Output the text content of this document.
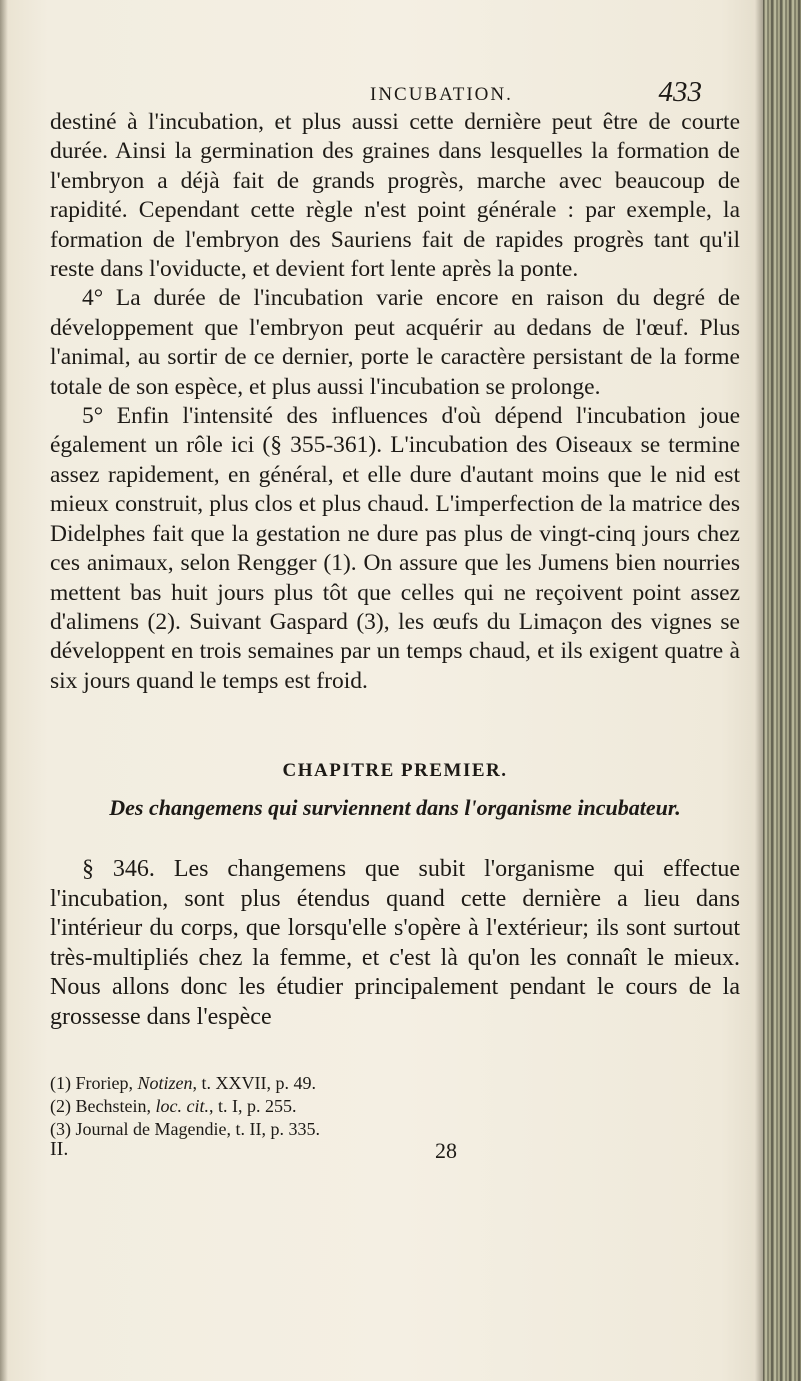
INCUBATION.	433

destiné à l'incubation, et plus aussi cette dernière peut être de courte durée. Ainsi la germination des graines dans lesquelles la formation de l'embryon a déjà fait de grands progrès, marche avec beaucoup de rapidité. Cependant cette règle n'est point générale : par exemple, la formation de l'embryon des Sauriens fait de rapides progrès tant qu'il reste dans l'oviducte, et devient fort lente après la ponte.

4° La durée de l'incubation varie encore en raison du degré de développement que l'embryon peut acquérir au dedans de l'œuf. Plus l'animal, au sortir de ce dernier, porte le caractère persistant de la forme totale de son espèce, et plus aussi l'incubation se prolonge.

5° Enfin l'intensité des influences d'où dépend l'incubation joue également un rôle ici (§ 355-361). L'incubation des Oiseaux se termine assez rapidement, en général, et elle dure d'autant moins que le nid est mieux construit, plus clos et plus chaud. L'imperfection de la matrice des Didelphes fait que la gestation ne dure pas plus de vingt-cinq jours chez ces animaux, selon Rengger (1). On assure que les Jumens bien nourries mettent bas huit jours plus tôt que celles qui ne reçoivent point assez d'alimens (2). Suivant Gaspard (3), les œufs du Limaçon des vignes se développent en trois semaines par un temps chaud, et ils exigent quatre à six jours quand le temps est froid.

CHAPITRE PREMIER.
Des changemens qui surviennent dans l'organisme incubateur.

§ 346. Les changemens que subit l'organisme qui effectue l'incubation, sont plus étendus quand cette dernière a lieu dans l'intérieur du corps, que lorsqu'elle s'opère à l'extérieur; ils sont surtout très-multipliés chez la femme, et c'est là qu'on les connaît le mieux. Nous allons donc les étudier principalement pendant le cours de la grossesse dans l'espèce

(1) Froriep, Notizen, t. XXVII, p. 49.

(2) Bechstein, loc. cit., t. I, p. 255.

(3) Journal de Magendie, t. II, p. 335.

II.	28
